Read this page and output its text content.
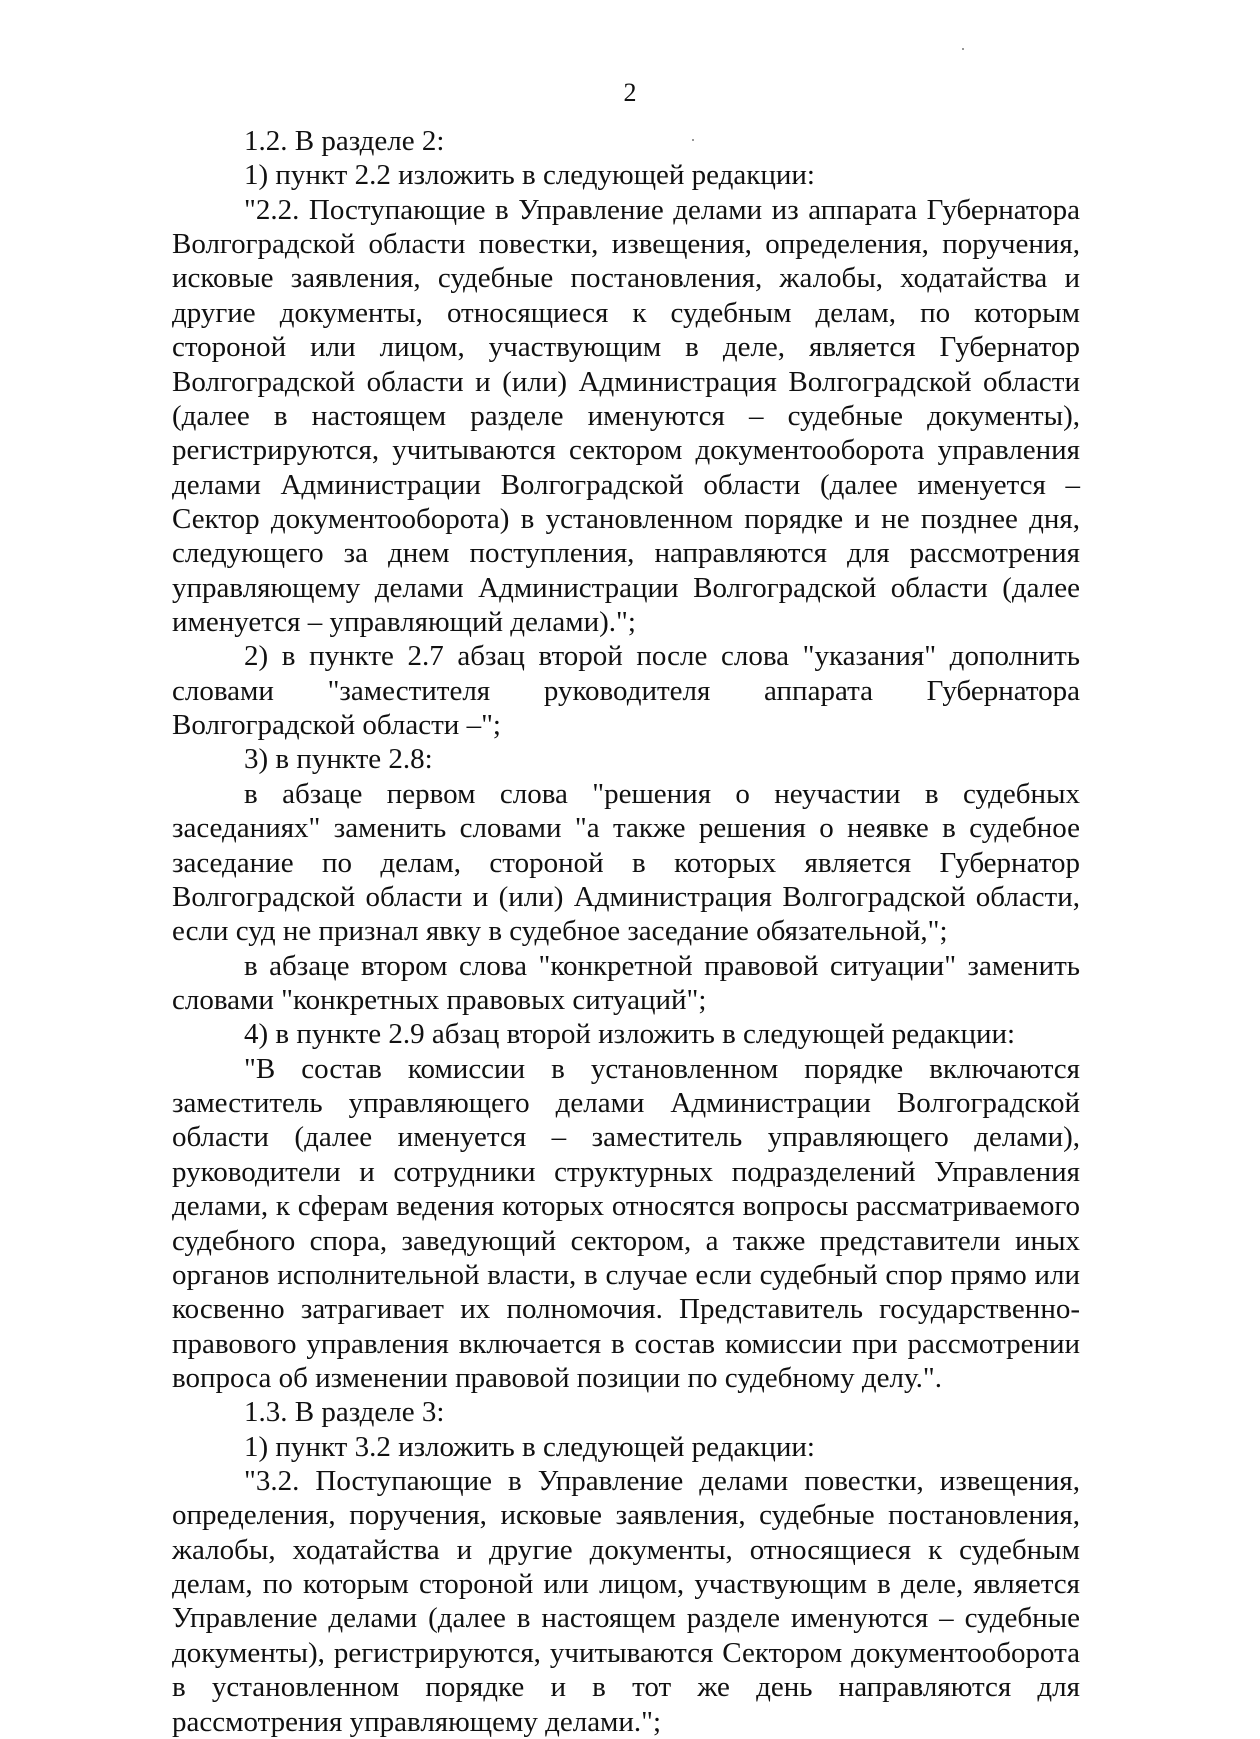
2

1.2. В разделе 2:

1) пункт 2.2 изложить в следующей редакции:

"2.2. Поступающие в Управление делами из аппарата Губернатора Волгоградской области повестки, извещения, определения, поручения, исковые заявления, судебные постановления, жалобы, ходатайства и другие документы, относящиеся к судебным делам, по которым стороной или лицом, участвующим в деле, является Губернатор Волгоградской области и (или) Администрация Волгоградской области (далее в настоящем разделе именуются – судебные документы), регистрируются, учитываются сектором документооборота управления делами Администрации Волгоградской области (далее именуется – Сектор документооборота) в установленном порядке и не позднее дня, следующего за днем поступления, направляются для рассмотрения управляющему делами Администрации Волгоградской области (далее именуется – управляющий делами).";

2) в пункте 2.7 абзац второй после слова "указания" дополнить словами "заместителя руководителя аппарата Губернатора Волгоградской области –";

3) в пункте 2.8:

в абзаце первом слова "решения о неучастии в судебных заседаниях" заменить словами "а также решения о неявке в судебное заседание по делам, стороной в которых является Губернатор Волгоградской области и (или) Администрация Волгоградской области, если суд не признал явку в судебное заседание обязательной,";

в абзаце втором слова "конкретной правовой ситуации" заменить словами "конкретных правовых ситуаций";

4) в пункте 2.9 абзац второй изложить в следующей редакции:

"В состав комиссии в установленном порядке включаются заместитель управляющего делами Администрации Волгоградской области (далее именуется – заместитель управляющего делами), руководители и сотрудники структурных подразделений Управления делами, к сферам ведения которых относятся вопросы рассматриваемого судебного спора, заведующий сектором, а также представители иных органов исполнительной власти, в случае если судебный спор прямо или косвенно затрагивает их полномочия. Представитель государственно-правового управления включается в состав комиссии при рассмотрении вопроса об изменении правовой позиции по судебному делу.".

1.3. В разделе 3:

1) пункт 3.2 изложить в следующей редакции:

"3.2. Поступающие в Управление делами повестки, извещения, определения, поручения, исковые заявления, судебные постановления, жалобы, ходатайства и другие документы, относящиеся к судебным делам, по которым стороной или лицом, участвующим в деле, является Управление делами (далее в настоящем разделе именуются – судебные документы), регистрируются, учитываются Сектором документооборота в установленном порядке и в тот же день направляются для рассмотрения управляющему делами.";
